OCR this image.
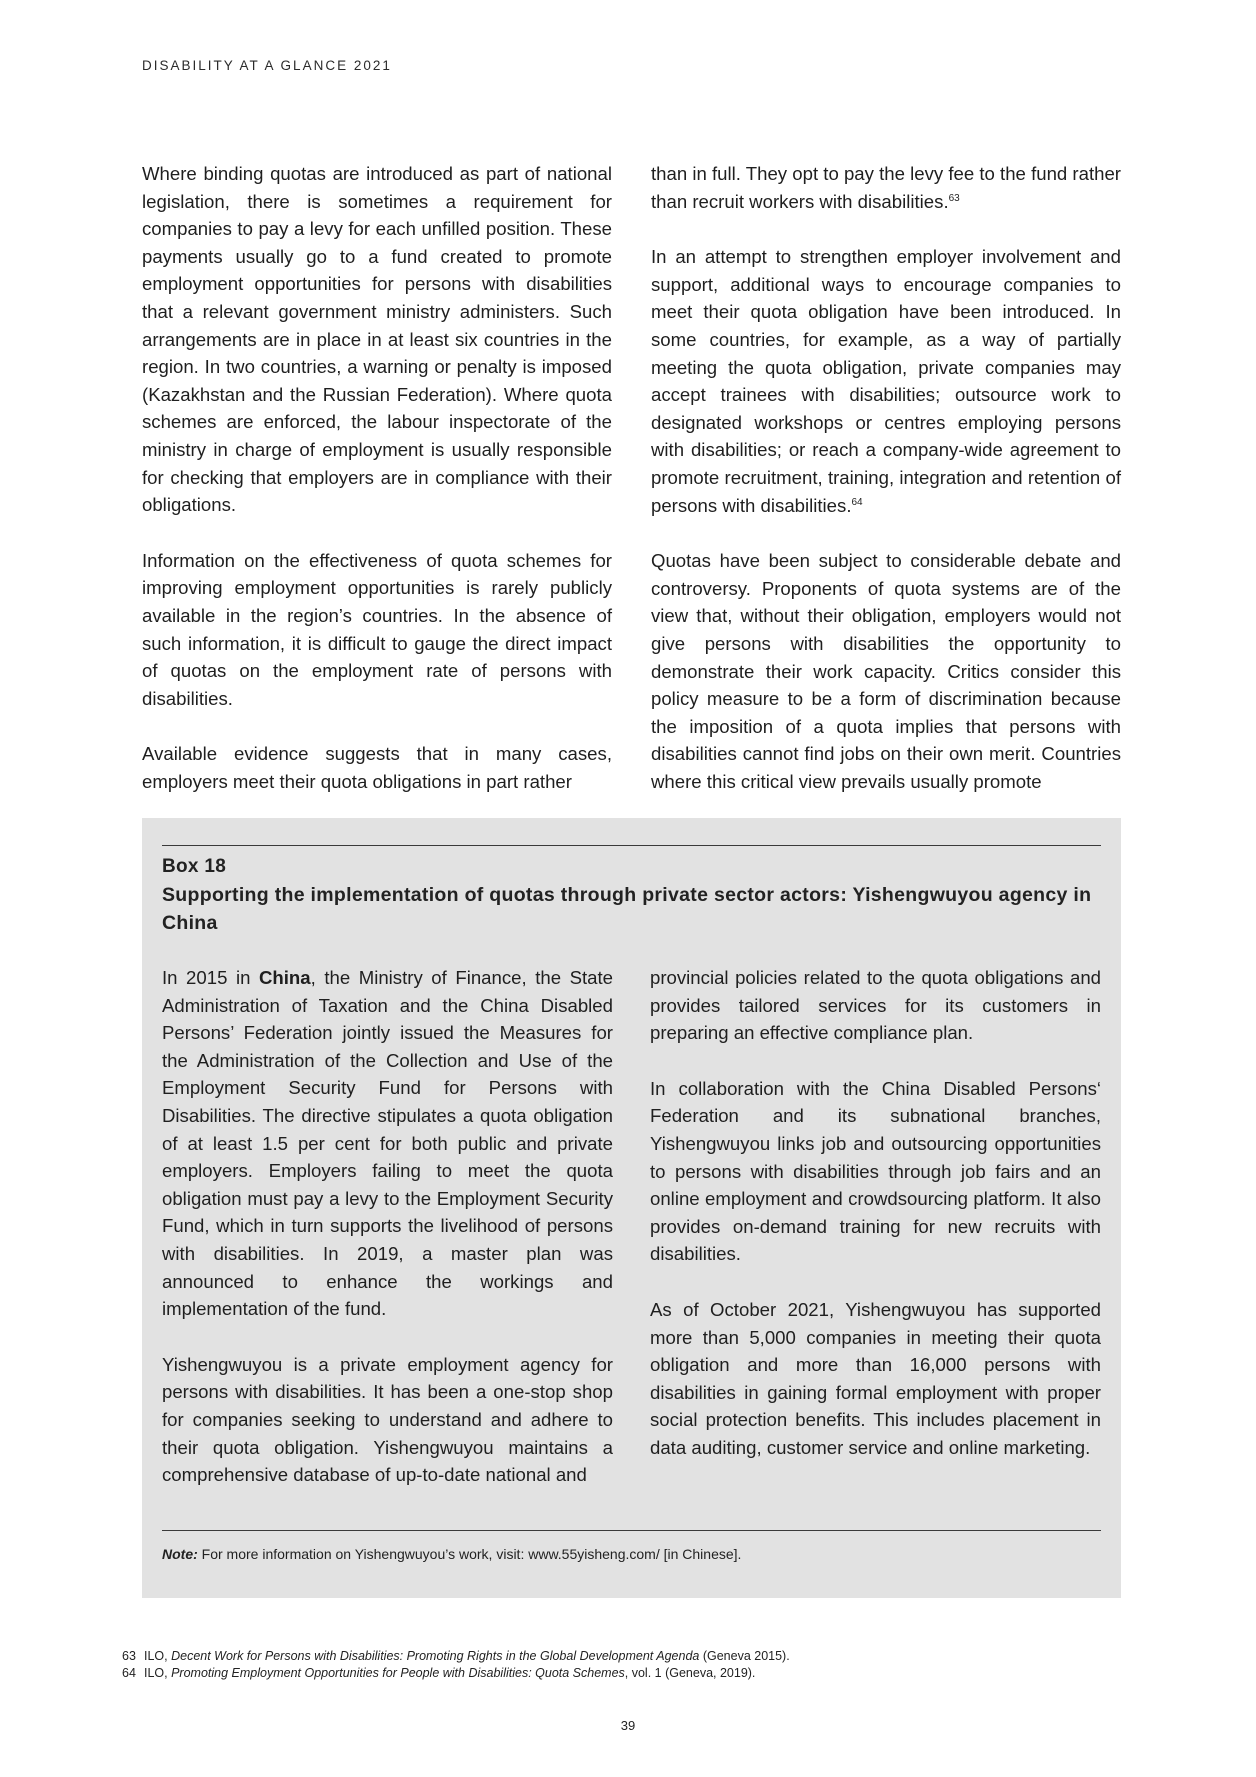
DISABILITY AT A GLANCE 2021

Where binding quotas are introduced as part of national legislation, there is sometimes a requirement for companies to pay a levy for each unfilled position. These payments usually go to a fund created to promote employment opportunities for persons with disabilities that a relevant government ministry administers. Such arrangements are in place in at least six countries in the region. In two countries, a warning or penalty is imposed (Kazakhstan and the Russian Federation). Where quota schemes are enforced, the labour inspectorate of the ministry in charge of employment is usually responsible for checking that employers are in compliance with their obligations.

Information on the effectiveness of quota schemes for improving employment opportunities is rarely publicly available in the region’s countries. In the absence of such information, it is difficult to gauge the direct impact of quotas on the employment rate of persons with disabilities.

Available evidence suggests that in many cases, employers meet their quota obligations in part rather

than in full. They opt to pay the levy fee to the fund rather than recruit workers with disabilities.$^{63}$

In an attempt to strengthen employer involvement and support, additional ways to encourage companies to meet their quota obligation have been introduced. In some countries, for example, as a way of partially meeting the quota obligation, private companies may accept trainees with disabilities; outsource work to designated workshops or centres employing persons with disabilities; or reach a company-wide agreement to promote recruitment, training, integration and retention of persons with disabilities.$^{64}$

Quotas have been subject to considerable debate and controversy. Proponents of quota systems are of the view that, without their obligation, employers would not give persons with disabilities the opportunity to demonstrate their work capacity. Critics consider this policy measure to be a form of discrimination because the imposition of a quota implies that persons with disabilities cannot find jobs on their own merit. Countries where this critical view prevails usually promote

Box 18
Supporting the implementation of quotas through private sector actors: Yishengwuyou agency in China

In 2015 in China, the Ministry of Finance, the State Administration of Taxation and the China Disabled Persons’ Federation jointly issued the Measures for the Administration of the Collection and Use of the Employment Security Fund for Persons with Disabilities. The directive stipulates a quota obligation of at least 1.5 per cent for both public and private employers. Employers failing to meet the quota obligation must pay a levy to the Employment Security Fund, which in turn supports the livelihood of persons with disabilities. In 2019, a master plan was announced to enhance the workings and implementation of the fund.

Yishengwuyou is a private employment agency for persons with disabilities. It has been a one-stop shop for companies seeking to understand and adhere to their quota obligation. Yishengwuyou maintains a comprehensive database of up-to-date national and

provincial policies related to the quota obligations and provides tailored services for its customers in preparing an effective compliance plan.

In collaboration with the China Disabled Persons‘ Federation and its subnational branches, Yishengwuyou links job and outsourcing opportunities to persons with disabilities through job fairs and an online employment and crowdsourcing platform. It also provides on-demand training for new recruits with disabilities.

As of October 2021, Yishengwuyou has supported more than 5,000 companies in meeting their quota obligation and more than 16,000 persons with disabilities in gaining formal employment with proper social protection benefits. This includes placement in data auditing, customer service and online marketing.

Note: For more information on Yishengwuyou’s work, visit: www.55yisheng.com/ [in Chinese].
63 ILO, Decent Work for Persons with Disabilities: Promoting Rights in the Global Development Agenda (Geneva 2015).
64 ILO, Promoting Employment Opportunities for People with Disabilities: Quota Schemes, vol. 1 (Geneva, 2019).
39
